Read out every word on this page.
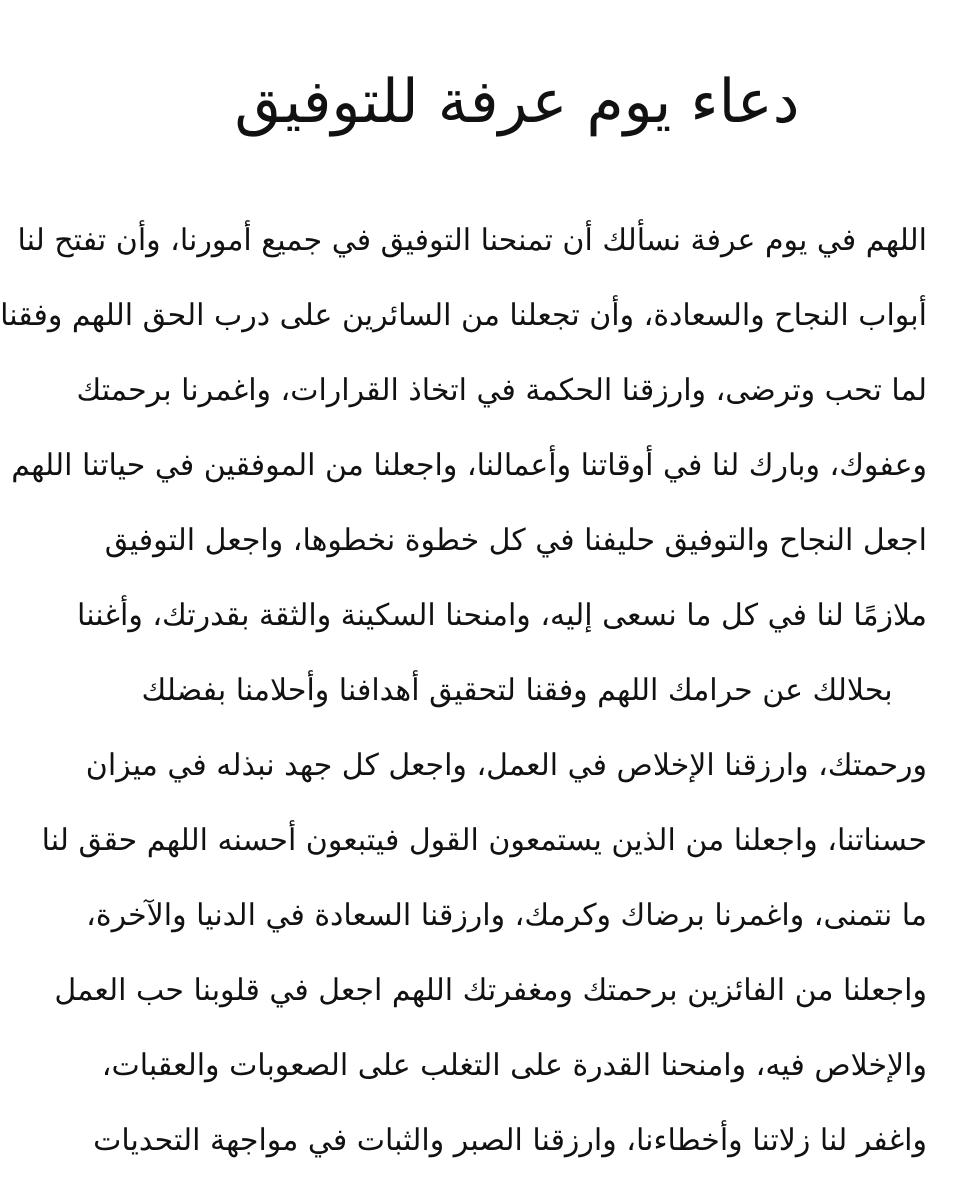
دعاء يوم عرفة للتوفيق
اللهم في يوم عرفة نسألك أن تمنحنا التوفيق في جميع أمورنا، وأن تفتح لنا
أبواب النجاح والسعادة، وأن تجعلنا من السائرين على درب الحق اللهم وفقنا
لما تحب وترضى، وارزقنا الحكمة في اتخاذ القرارات، واغمرنا برحمتك
وعفوك، وبارك لنا في أوقاتنا وأعمالنا، واجعلنا من الموفقين في حياتنا اللهم
اجعل النجاح والتوفيق حليفنا في كل خطوة نخطوها، واجعل التوفيق
ملازمًا لنا في كل ما نسعى إليه، وامنحنا السكينة والثقة بقدرتك، وأغننا
بحلالك عن حرامك اللهم وفقنا لتحقيق أهدافنا وأحلامنا بفضلك
ورحمتك، وارزقنا الإخلاص في العمل، واجعل كل جهد نبذله في ميزان
حسناتنا، واجعلنا من الذين يستمعون القول فيتبعون أحسنه اللهم حقق لنا
ما نتمنى، واغمرنا برضاك وكرمك، وارزقنا السعادة في الدنيا والآخرة،
واجعلنا من الفائزين برحمتك ومغفرتك اللهم اجعل في قلوبنا حب العمل
والإخلاص فيه، وامنحنا القدرة على التغلب على الصعوبات والعقبات،
واغفر لنا زلاتنا وأخطاءنا، وارزقنا الصبر والثبات في مواجهة التحديات
